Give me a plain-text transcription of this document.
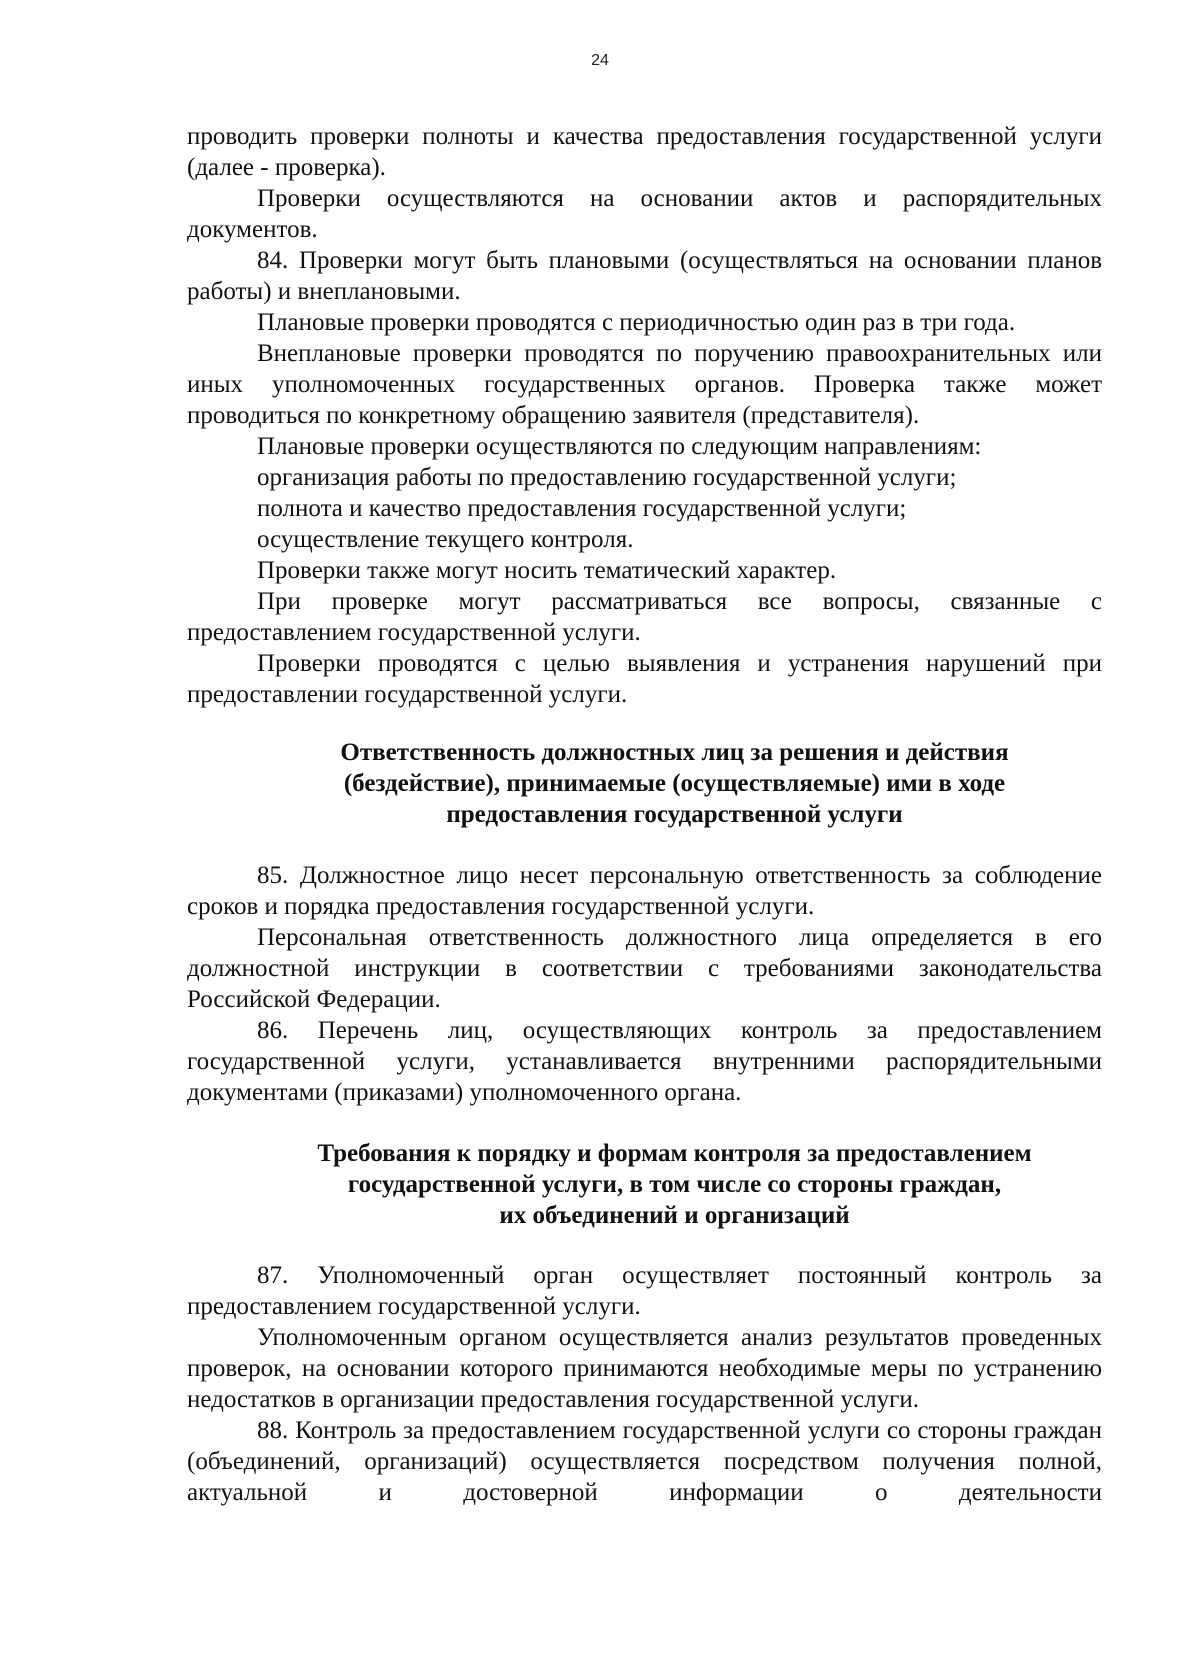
24

проводить проверки полноты и качества предоставления государственной услуги (далее - проверка).

Проверки осуществляются на основании актов и распорядительных документов.

84. Проверки могут быть плановыми (осуществляться на основании планов работы) и внеплановыми.

Плановые проверки проводятся с периодичностью один раз в три года.

Внеплановые проверки проводятся по поручению правоохранительных или иных уполномоченных государственных органов. Проверка также может проводиться по конкретному обращению заявителя (представителя).

Плановые проверки осуществляются по следующим направлениям:

организация работы по предоставлению государственной услуги;

полнота и качество предоставления государственной услуги;

осуществление текущего контроля.

Проверки также могут носить тематический характер.

При проверке могут рассматриваться все вопросы, связанные с предоставлением государственной услуги.

Проверки проводятся с целью выявления и устранения нарушений при предоставлении государственной услуги.

Ответственность должностных лиц за решения и действия
(бездействие), принимаемые (осуществляемые) ими в ходе
предоставления государственной услуги

85. Должностное лицо несет персональную ответственность за соблюдение сроков и порядка предоставления государственной услуги.

Персональная ответственность должностного лица определяется в его должностной инструкции в соответствии с требованиями законодательства Российской Федерации.

86. Перечень лиц, осуществляющих контроль за предоставлением государственной услуги, устанавливается внутренними распорядительными документами (приказами) уполномоченного органа.

Требования к порядку и формам контроля за предоставлением
государственной услуги, в том числе со стороны граждан,
их объединений и организаций

87. Уполномоченный орган осуществляет постоянный контроль за предоставлением государственной услуги.

Уполномоченным органом осуществляется анализ результатов проведенных проверок, на основании которого принимаются необходимые меры по устранению недостатков в организации предоставления государственной услуги.

88. Контроль за предоставлением государственной услуги со стороны граждан (объединений, организаций) осуществляется посредством получения полной, актуальной и достоверной информации о деятельности
